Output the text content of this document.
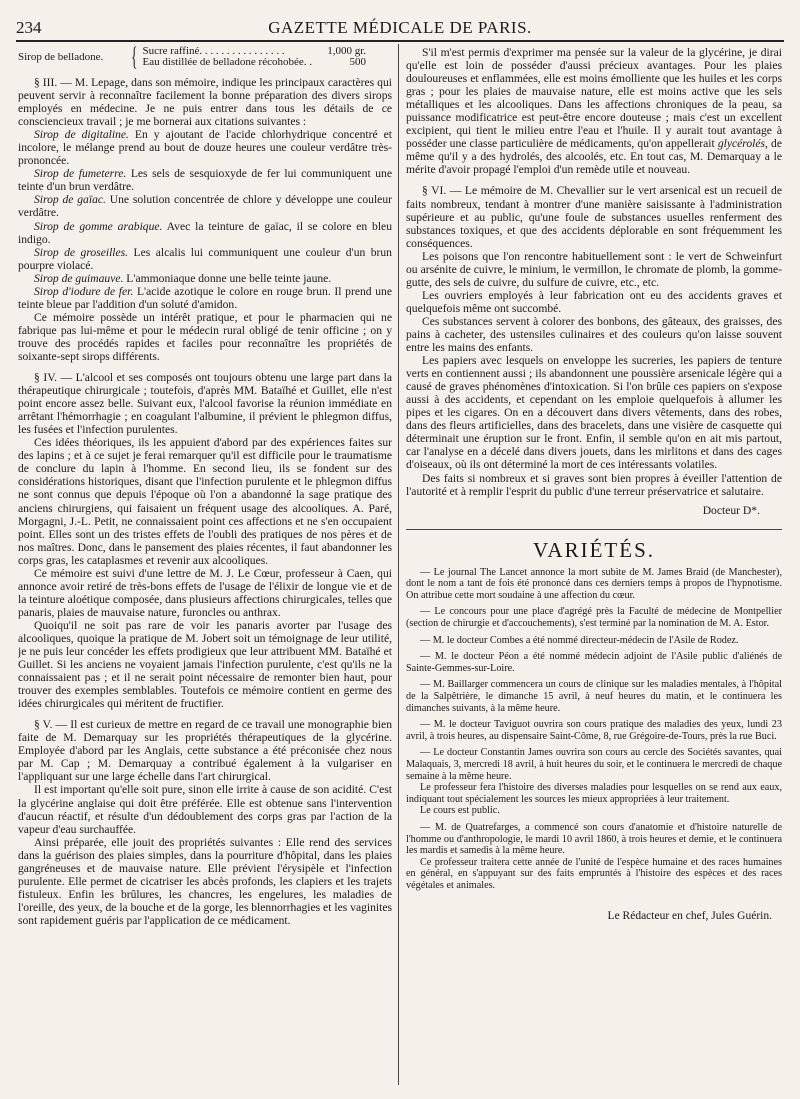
234	GAZETTE MÉDICALE DE PARIS.
Sirop de belladone.	{ Sucre raffiné. . . . . . . . . . . . . . . .	1,000 gr.
Eau distillée de belladone récohobée. .	500

§ III. — M. Lepage, dans son mémoire, indique les principaux caractères qui peuvent servir à reconnaître facilement la bonne préparation des divers sirops employés en médecine. Je ne puis entrer dans tous les détails de ce consciencieux travail ; je me bornerai aux citations suivantes :

Sirop de digitaline. En y ajoutant de l'acide chlorhydrique concentré et incolore, le mélange prend au bout de douze heures une couleur verdâtre très-prononcée.

Sirop de fumeterre. Les sels de sesquioxyde de fer lui communiquent une teinte d'un brun verdâtre.

Sirop de gaïac. Une solution concentrée de chlore y développe une couleur verdâtre.

Sirop de gomme arabique. Avec la teinture de gaïac, il se colore en bleu indigo.

Sirop de groseilles. Les alcalis lui communiquent une couleur d'un brun pourpre violacé.

Sirop de guimauve. L'ammoniaque donne une belle teinte jaune.

Sirop d'iodure de fer. L'acide azotique le colore en rouge brun. Il prend une teinte bleue par l'addition d'un soluté d'amidon.

Ce mémoire possède un intérêt pratique, et pour le pharmacien qui ne fabrique pas lui-même et pour le médecin rural obligé de tenir officine ; on y trouve des procédés rapides et faciles pour reconnaître les propriétés de soixante-sept sirops différents.

§ IV. — L'alcool et ses composés ont toujours obtenu une large part dans la thérapeutique chirurgicale ; toutefois, d'après MM. Bataïhé et Guillet, elle n'est point encore assez belle. Suivant eux, l'alcool favorise la réunion immédiate en arrêtant l'hémorrhagie ; en coagulant l'albumine, il prévient le phlegmon diffus, les fusées et l'infection purulentes.

Ces idées théoriques, ils les appuient d'abord par des expériences faites sur des lapins ; et à ce sujet je ferai remarquer qu'il est difficile pour le traumatisme de conclure du lapin à l'homme. En second lieu, ils se fondent sur des considérations historiques, disant que l'infection purulente et le phlegmon diffus ne sont connus que depuis l'époque où l'on a abandonné la sage pratique des anciens chirurgiens, qui faisaient un fréquent usage des alcooliques. A. Paré, Morgagni, J.-L. Petit, ne connaissaient point ces affections et ne s'en occupaient point. Elles sont un des tristes effets de l'oubli des pratiques de nos pères et de nos maîtres. Donc, dans le pansement des plaies récentes, il faut abandonner les corps gras, les cataplasmes et revenir aux alcooliques.

Ce mémoire est suivi d'une lettre de M. J. Le Cœur, professeur à Caen, qui annonce avoir retiré de très-bons effets de l'usage de l'élixir de longue vie et de la teinture aloétique composée, dans plusieurs affections chirurgicales, telles que panaris, plaies de mauvaise nature, furoncles ou anthrax.

Quoiqu'il ne soit pas rare de voir les panaris avorter par l'usage des alcooliques, quoique la pratique de M. Jobert soit un témoignage de leur utilité, je ne puis leur concéder les effets prodigieux que leur attribuent MM. Bataïhé et Guillet. Si les anciens ne voyaient jamais l'infection purulente, c'est qu'ils ne la connaissaient pas ; et il ne serait point nécessaire de remonter bien haut, pour trouver des exemples semblables. Toutefois ce mémoire contient en germe des idées chirurgicales qui méritent de fructifier.

§ V. — Il est curieux de mettre en regard de ce travail une monographie bien faite de M. Demarquay sur les propriétés thérapeutiques de la glycérine. Employée d'abord par les Anglais, cette substance a été préconisée chez nous par M. Cap ; M. Demarquay a contribué également à la vulgariser en l'appliquant sur une large échelle dans l'art chirurgical.

Il est important qu'elle soit pure, sinon elle irrite à cause de son acidité. C'est la glycérine anglaise qui doit être préférée. Elle est obtenue sans l'intervention d'aucun réactif, et résulte d'un dédoublement des corps gras par l'action de la vapeur d'eau surchauffée.

Ainsi préparée, elle jouit des propriétés suivantes : Elle rend des services dans la guérison des plaies simples, dans la pourriture d'hôpital, dans les plaies gangréneuses et de mauvaise nature. Elle prévient l'érysipèle et l'infection purulente. Elle permet de cicatriser les abcès profonds, les clapiers et les trajets fistuleux. Enfin les brûlures, les chancres, les engelures, les maladies de l'oreille, des yeux, de la bouche et de la gorge, les blennorrhagies et les vaginites sont rapidement guéris par l'application de ce médicament.

S'il m'est permis d'exprimer ma pensée sur la valeur de la glycérine, je dirai qu'elle est loin de posséder d'aussi précieux avantages. Pour les plaies douloureuses et enflammées, elle est moins émolliente que les huiles et les corps gras ; pour les plaies de mauvaise nature, elle est moins active que les sels métalliques et les alcooliques. Dans les affections chroniques de la peau, sa puissance modificatrice est peut-être encore douteuse ; mais c'est un excellent excipient, qui tient le milieu entre l'eau et l'huile. Il y aurait tout avantage à posséder une classe particulière de médicaments, qu'on appellerait glycérolés, de même qu'il y a des hydrolés, des alcoolés, etc. En tout cas, M. Demarquay a le mérite d'avoir propagé l'emploi d'un remède utile et nouveau.

§ VI. — Le mémoire de M. Chevallier sur le vert arsenical est un recueil de faits nombreux, tendant à montrer d'une manière saisissante à l'administration supérieure et au public, qu'une foule de substances usuelles renferment des substances toxiques, et que des accidents déplorable en sont fréquemment les conséquences.

Les poisons que l'on rencontre habituellement sont : le vert de Schweinfurt ou arsénite de cuivre, le minium, le vermillon, le chromate de plomb, la gomme-gutte, des sels de cuivre, du sulfure de cuivre, etc., etc.

Les ouvriers employés à leur fabrication ont eu des accidents graves et quelquefois même ont succombé.

Ces substances servent à colorer des bonbons, des gâteaux, des graisses, des pains à cacheter, des ustensiles culinaires et des couleurs qu'on laisse souvent entre les mains des enfants.

Les papiers avec lesquels on enveloppe les sucreries, les papiers de tenture verts en contiennent aussi ; ils abandonnent une poussière arsenicale légère qui a causé de graves phénomènes d'intoxication. Si l'on brûle ces papiers on s'expose aussi à des accidents, et cependant on les emploie quelquefois à allumer les pipes et les cigares. On en a découvert dans divers vêtements, dans des robes, dans des fleurs artificielles, dans des bracelets, dans une visière de casquette qui déterminait une éruption sur le front. Enfin, il semble qu'on en ait mis partout, car l'analyse en a décelé dans divers jouets, dans les mirlitons et dans des cages d'oiseaux, où ils ont déterminé la mort de ces intéressants volatiles.

Des faits si nombreux et si graves sont bien propres à éveiller l'attention de l'autorité et à remplir l'esprit du public d'une terreur préservatrice et salutaire.

Docteur D*.
VARIÉTÉS.

— Le journal The Lancet annonce la mort subite de M. James Braid (de Manchester), dont le nom a tant de fois été prononcé dans ces derniers temps à propos de l'hypnotisme. On attribue cette mort soudaine à une affection du cœur.

— Le concours pour une place d'agrégé près la Faculté de médecine de Montpellier (section de chirurgie et d'accouchements), s'est terminé par la nomination de M. A. Estor.

— M. le docteur Combes a été nommé directeur-médecin de l'Asile de Rodez.

— M. le docteur Péon a été nommé médecin adjoint de l'Asile public d'aliénés de Sainte-Gemmes-sur-Loire.

— M. Baillarger commencera un cours de clinique sur les maladies mentales, à l'hôpital de la Salpêtrière, le dimanche 15 avril, à neuf heures du matin, et le continuera les dimanches suivants, à la même heure.

— M. le docteur Taviguot ouvrira son cours pratique des maladies des yeux, lundi 23 avril, à trois heures, au dispensaire Saint-Côme, 8, rue Grégoire-de-Tours, près la rue Buci.

— Le docteur Constantin James ouvrira son cours au cercle des Sociétés savantes, quai Malaquais, 3, mercredi 18 avril, à huit heures du soir, et le continuera le mercredi de chaque semaine à la même heure.

Le professeur fera l'histoire des diverses maladies pour lesquelles on se rend aux eaux, indiquant tout spécialement les sources les mieux appropriées à leur traitement.

Le cours est public.

— M. de Quatrefarges, a commencé son cours d'anatomie et d'histoire naturelle de l'homme ou d'anthropologie, le mardi 10 avril 1860, à trois heures et demie, et le continuera les mardis et samedis à la même heure.

Ce professeur traitera cette année de l'unité de l'espèce humaine et des races humaines en général, en s'appuyant sur des faits empruntés à l'histoire des espèces et des races végétales et animales.

Le Rédacteur en chef, Jules Guérin.
